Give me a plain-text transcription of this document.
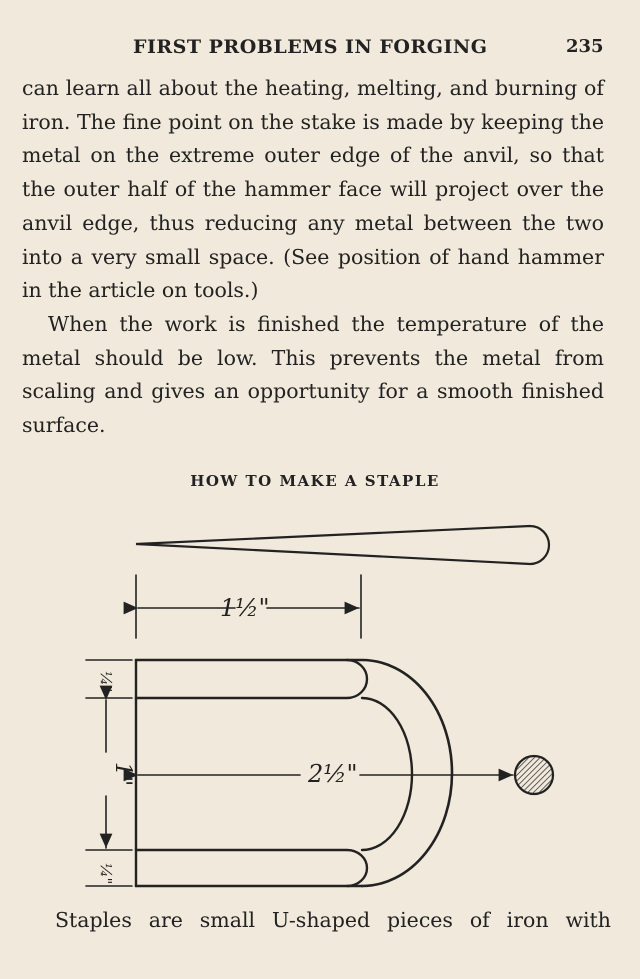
FIRST PROBLEMS IN FORGING	235

can learn all about the heating, melting, and burning of iron. The fine point on the stake is made by keeping the metal on the extreme outer edge of the anvil, so that the outer half of the hammer face will project over the anvil edge, thus reducing any metal between the two into a very small space. (See position of hand hammer in the article on tools.)

When the work is finished the temperature of the metal should be low. This prevents the metal from scaling and gives an opportunity for a smooth finished surface.

HOW TO MAKE A STAPLE
1½"
2½"
1"
¼"
¼"
Staples are small U-shaped pieces of iron with
